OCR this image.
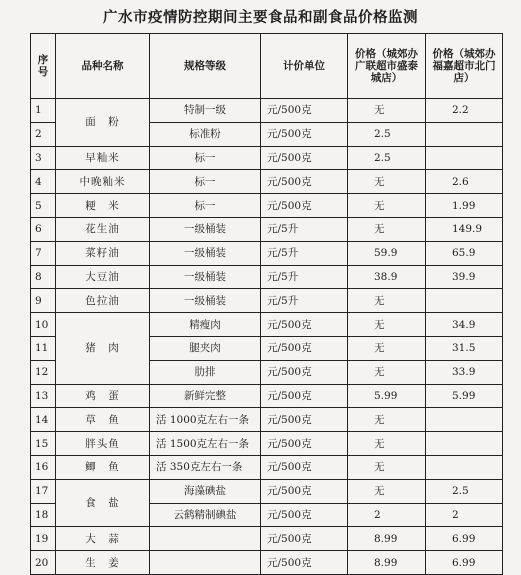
广水市疫情防控期间主要食品和副食品价格监测
序号	品种名称	规格等级	计价单位	价格（城郊办广联超市盛泰城店）	价格（城郊办福嘉超市北门店）
1	面　粉	特制一级	元/500克	无	2.2
2		标准粉	元/500克	2.5	
3	早籼米	标一	元/500克	2.5	
4	中晚籼米	标一	元/500克	无	2.6
5	粳　米	标一	元/500克	无	1.99
6	花生油	一级桶装	元/5升	无	149.9
7	菜籽油	一级桶装	元/5升	59.9	65.9
8	大豆油	一级桶装	元/5升	38.9	39.9
9	色拉油	一级桶装	元/5升	无	
10	猪　肉	精瘦肉	元/500克	无	34.9
11		腿夹肉	元/500克	无	31.5
12		肋排	元/500克	无	33.9
13	鸡　蛋	新鲜完整	元/500克	5.99	5.99
14	草　鱼	活 1000克左右一条	元/500克	无	
15	胖头鱼	活 1500克左右一条	元/500克	无	
16	鲫　鱼	活 350克左右一条	元/500克	无	
17	食　盐	海藻碘盐	元/500克	无	2.5
18		云鹤精制碘盐	元/500克	2	2
19	大　蒜		元/500克	8.99	6.99
20	生　姜		元/500克	8.99	6.99
